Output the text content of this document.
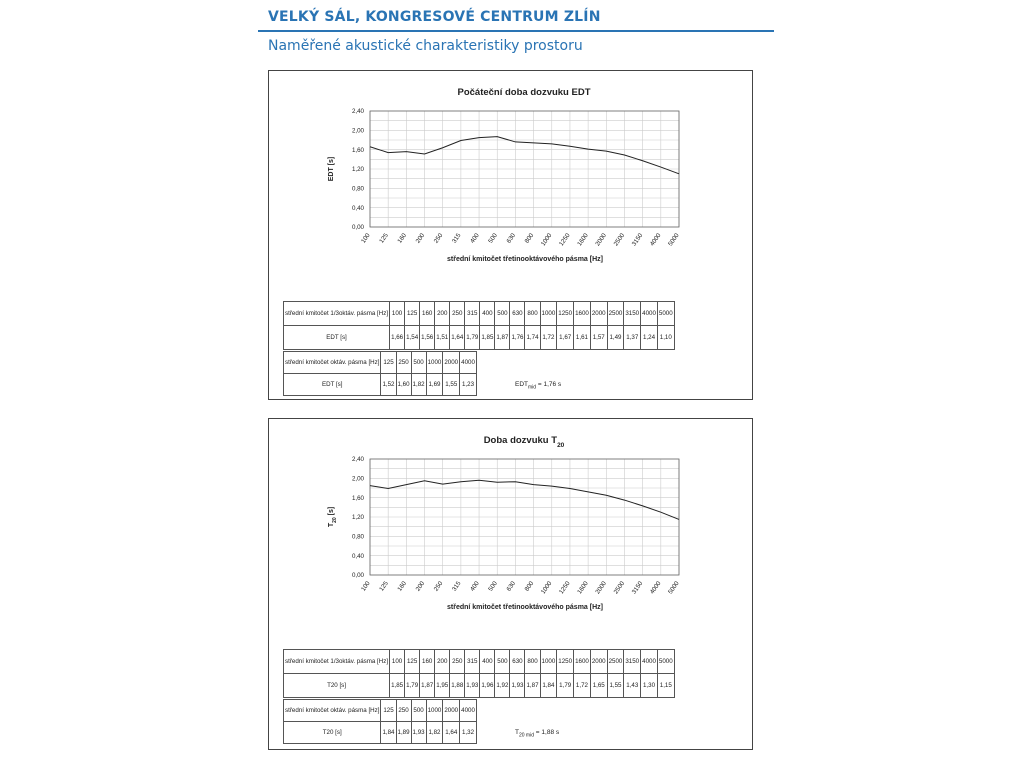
VELKÝ SÁL, KONGRESOVÉ CENTRUM ZLÍN
Naměřené akustické charakteristiky prostoru
0,00
0,40
0,80
1,20
1,60
2,00
2,40
100 125 160 200 250 315 400 500 630 800 1000 1250 1600 2000 2500 3150 4000 5000
Počáteční doba dozvuku EDT
střední kmitočet třetinooktávového pásma [Hz]
EDT [s]
střední kmitočet 1/3oktáv. pásma [Hz]	100	125	160	200	250	315	400	500	630	800	1000	1250	1600	2000	2500	3150	4000	5000
EDT [s]	1,66	1,54	1,56	1,51	1,64	1,79	1,85	1,87	1,76	1,74	1,72	1,67	1,61	1,57	1,49	1,37	1,24	1,10
střední kmitočet oktáv. pásma [Hz]	125	250	500	1000	2000	4000
EDT [s]	1,52	1,60	1,82	1,69	1,55	1,23	$EDT_{mid} = 1,76$ s
0,00
0,40
0,80
1,20
1,60
2,00
2,40
100 125 160 200 250 315 400 500 630 800 1000 1250 1600 2000 2500 3150 4000 5000
Doba dozvuku $T_{20}$
střední kmitočet třetinooktávového pásma [Hz]
$T_{20}$ [s]
střední kmitočet 1/3oktáv. pásma [Hz]	100	125	160	200	250	315	400	500	630	800	1000	1250	1600	2000	2500	3150	4000	5000
T20 [s]	1,85	1,79	1,87	1,95	1,88	1,93	1,96	1,92	1,93	1,87	1,84	1,79	1,72	1,65	1,55	1,43	1,30	1,15
střední kmitočet oktáv. pásma [Hz]	125	250	500	1000	2000	4000
T20 [s]	1,84	1,89	1,93	1,82	1,64	1,32	$T_{20 mid} = 1,88$ s
